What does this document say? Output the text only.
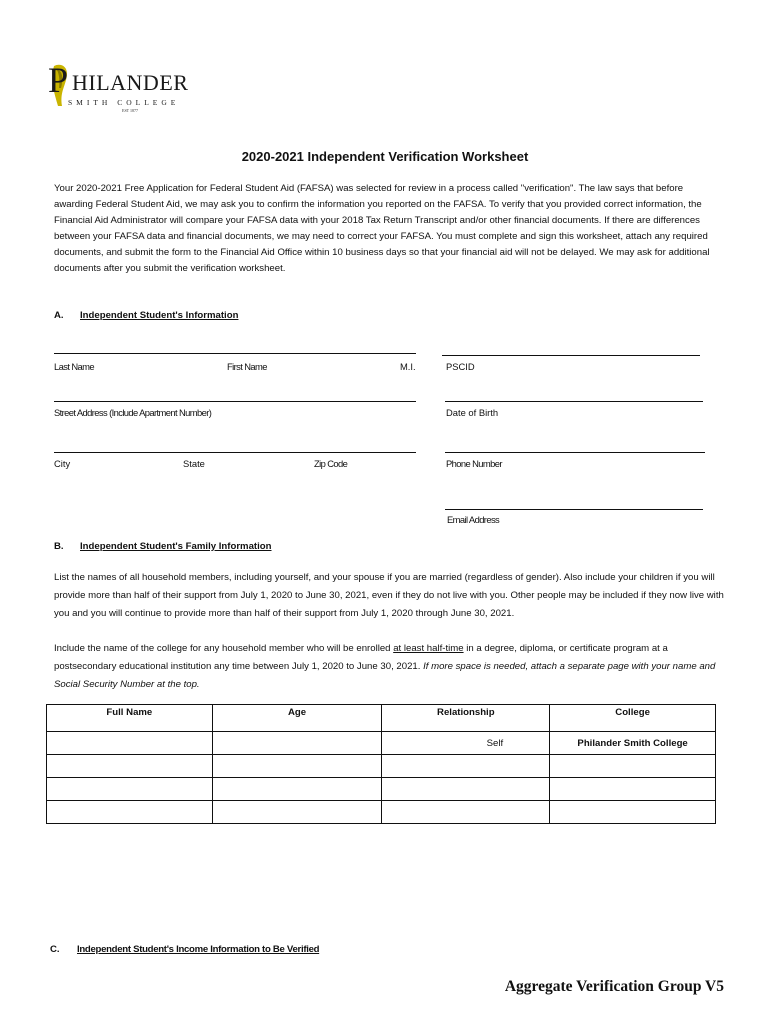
P HILANDER
SMITH COLLEGE
EST 1877
2020-2021 Independent Verification Worksheet
Your 2020-2021 Free Application for Federal Student Aid (FAFSA) was selected for review in a process called "verification". The law says that before awarding Federal Student Aid, we may ask you to confirm the information you reported on the FAFSA. To verify that you provided correct information, the Financial Aid Administrator will compare your FAFSA data with your 2018 Tax Return Transcript and/or other financial documents. If there are differences between your FAFSA data and financial documents, we may need to correct your FAFSA. You must complete and sign this worksheet, attach any required documents, and submit the form to the Financial Aid Office within 10 business days so that your financial aid will not be delayed. We may ask for additional documents after you submit the verification worksheet.
A. Independent Student's Information
Last Name	First Name	M.I.	PSCID
Street Address (Include Apartment Number)	Date of Birth
City	State	Zip Code	Phone Number
Email Address
B. Independent Student's Family Information
List the names of all household members, including yourself, and your spouse if you are married (regardless of gender). Also include your children if you will provide more than half of their support from July 1, 2020 to June 30, 2021, even if they do not live with you. Other people may be included if they now live with you and you will continue to provide more than half of their support from July 1, 2020 through June 30, 2021.
Include the name of the college for any household member who will be enrolled at least half-time in a degree, diploma, or certificate program at a postsecondary educational institution any time between July 1, 2020 to June 30, 2021. If more space is needed, attach a separate page with your name and Social Security Number at the top.
Full Name	Age	Relationship	College
		Self	Philander Smith College

C. Independent Student's Income Information to Be Verified
Aggregate Verification Group V5
